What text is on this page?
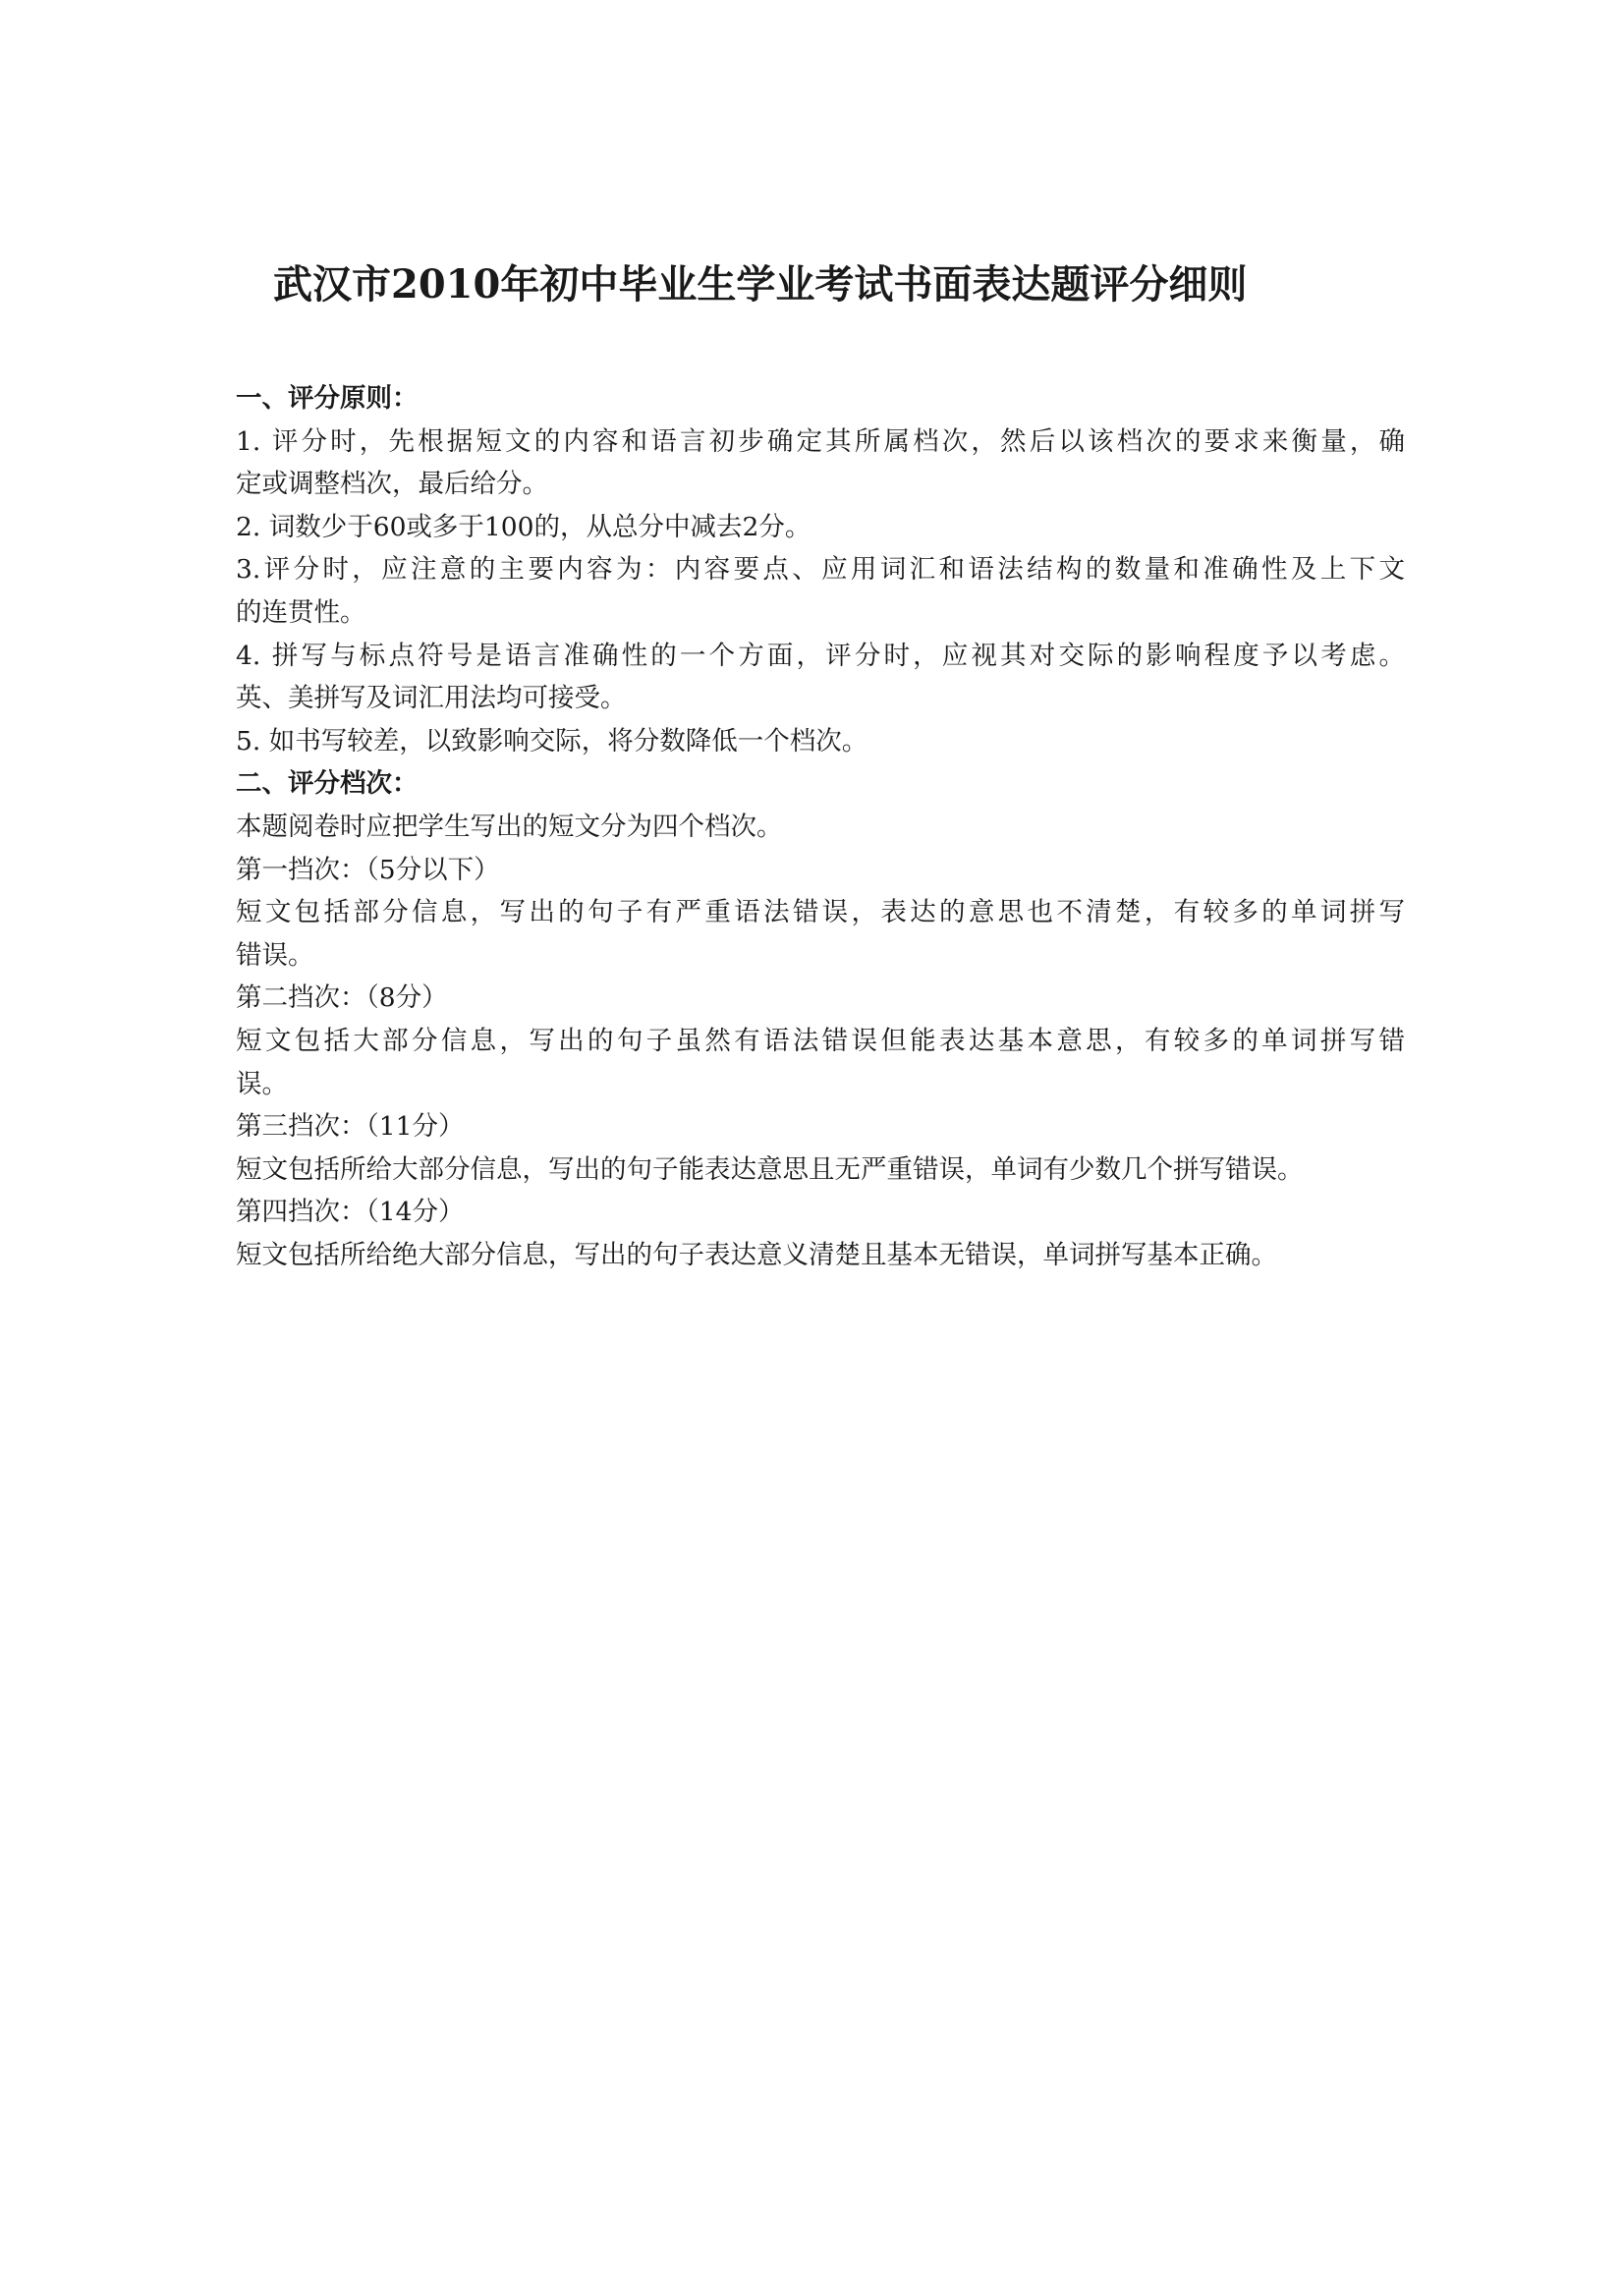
武汉市2010年初中毕业生学业考试书面表达题评分细则
一、评分原则：
1. 评分时，先根据短文的内容和语言初步确定其所属档次，然后以该档次的要求来衡量，确
定或调整档次，最后给分。
2. 词数少于60或多于100的，从总分中减去2分。
3.评分时，应注意的主要内容为：内容要点、应用词汇和语法结构的数量和准确性及上下文
的连贯性。
4. 拼写与标点符号是语言准确性的一个方面，评分时，应视其对交际的影响程度予以考虑。
英、美拼写及词汇用法均可接受。
5. 如书写较差，以致影响交际，将分数降低一个档次。
二、评分档次：
本题阅卷时应把学生写出的短文分为四个档次。
第一挡次：（5分以下）
短文包括部分信息，写出的句子有严重语法错误，表达的意思也不清楚，有较多的单词拼写
错误。
第二挡次：（8分）
短文包括大部分信息，写出的句子虽然有语法错误但能表达基本意思，有较多的单词拼写错
误。
第三挡次：（11分）
短文包括所给大部分信息，写出的句子能表达意思且无严重错误，单词有少数几个拼写错误。
第四挡次：（14分）
短文包括所给绝大部分信息，写出的句子表达意义清楚且基本无错误，单词拼写基本正确。
